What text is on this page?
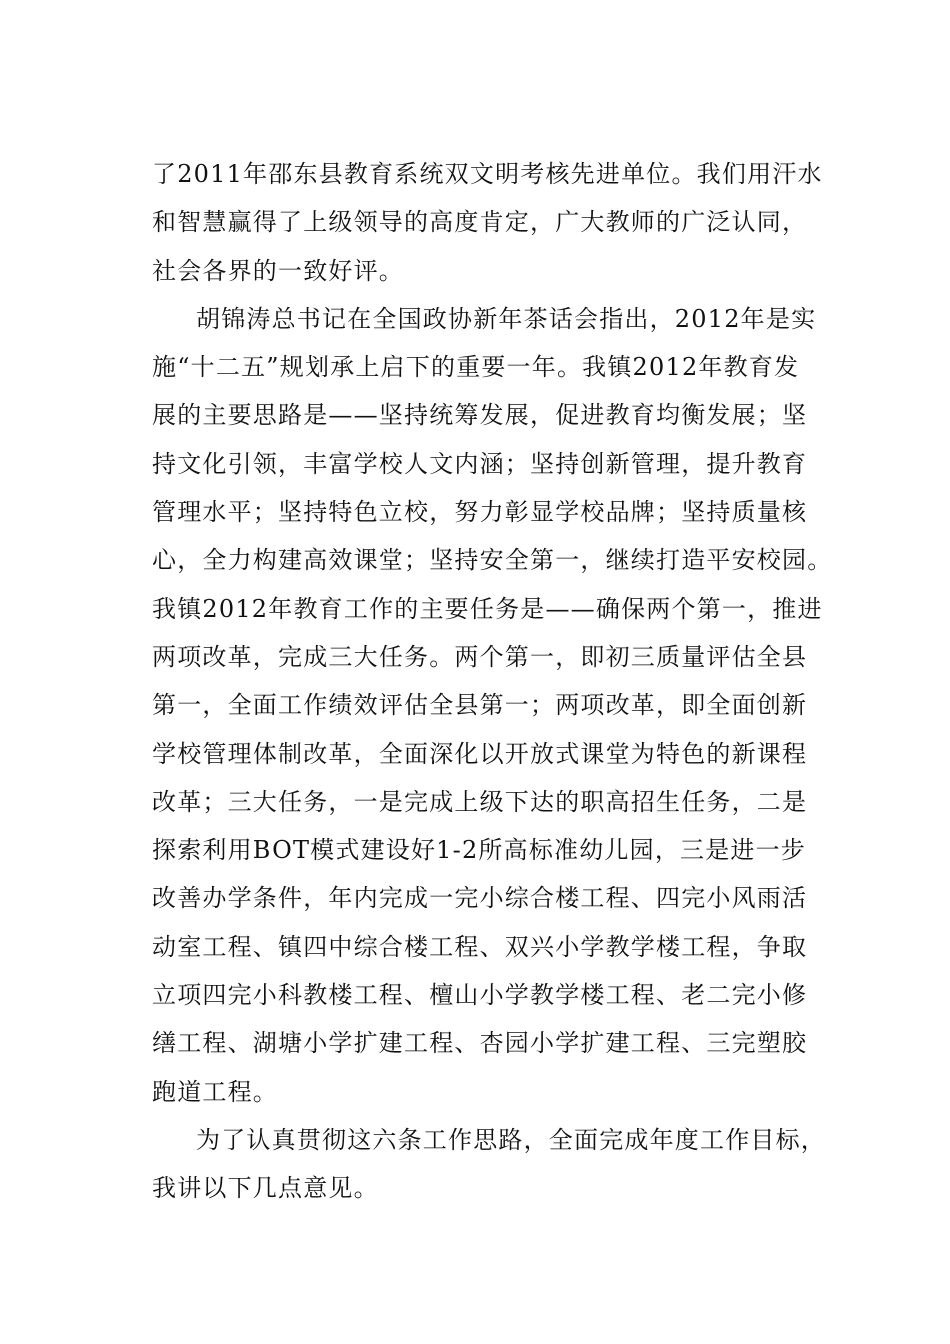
了2011年邵东县教育系统双文明考核先进单位。我们用汗水
和智慧赢得了上级领导的高度肯定，广大教师的广泛认同，
社会各界的一致好评。
胡锦涛总书记在全国政协新年茶话会指出，2012年是实
施“十二五”规划承上启下的重要一年。我镇2012年教育发
展的主要思路是——坚持统筹发展，促进教育均衡发展；坚
持文化引领，丰富学校人文内涵；坚持创新管理，提升教育
管理水平；坚持特色立校，努力彰显学校品牌；坚持质量核
心，全力构建高效课堂；坚持安全第一，继续打造平安校园。
我镇2012年教育工作的主要任务是——确保两个第一，推进
两项改革，完成三大任务。两个第一，即初三质量评估全县
第一，全面工作绩效评估全县第一；两项改革，即全面创新
学校管理体制改革，全面深化以开放式课堂为特色的新课程
改革；三大任务，一是完成上级下达的职高招生任务，二是
探索利用BOT模式建设好1-2所高标准幼儿园，三是进一步
改善办学条件，年内完成一完小综合楼工程、四完小风雨活
动室工程、镇四中综合楼工程、双兴小学教学楼工程，争取
立项四完小科教楼工程、檀山小学教学楼工程、老二完小修
缮工程、湖塘小学扩建工程、杏园小学扩建工程、三完塑胶
跑道工程。
为了认真贯彻这六条工作思路，全面完成年度工作目标，
我讲以下几点意见。
